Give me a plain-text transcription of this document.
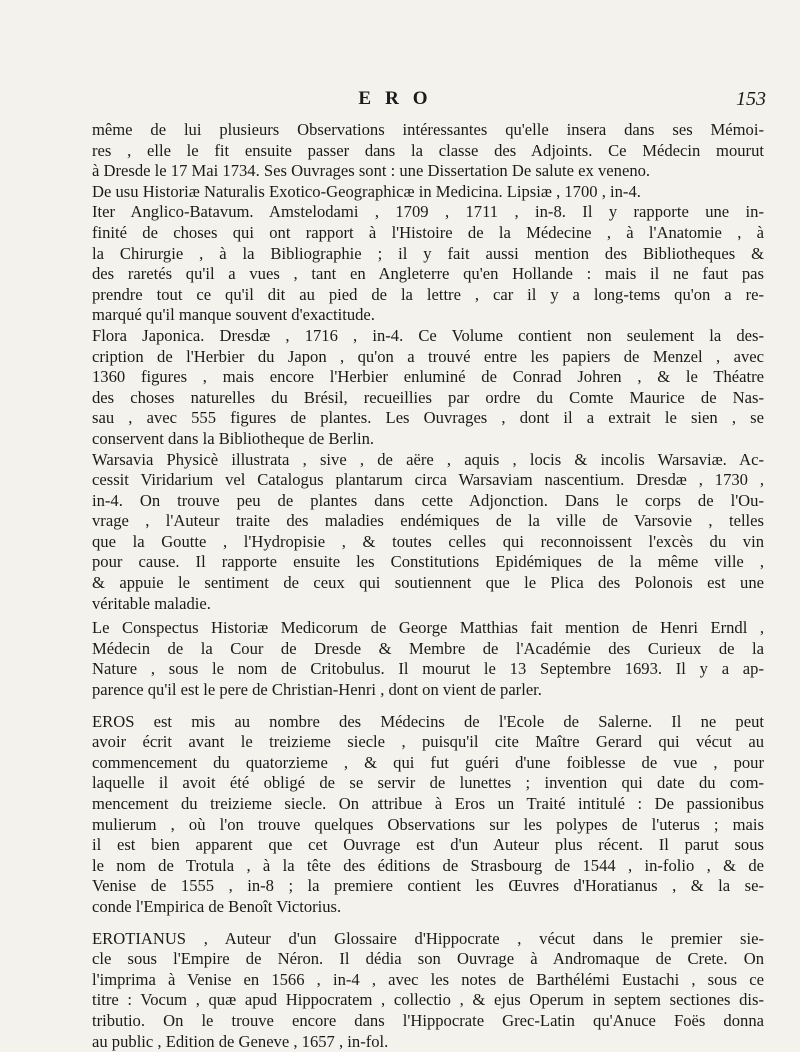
ERO	153
même de lui plusieurs Observations intéressantes qu'elle insera dans ses Mémoi-
res , elle le fit ensuite passer dans la classe des Adjoints. Ce Médecin mourut
à Dresde le 17 Mai 1734. Ses Ouvrages sont : une Dissertation De salute ex veneno.
De usu Historiæ Naturalis Exotico-Geographicæ in Medicina. Lipsiæ , 1700 , in-4.
Iter Anglico-Batavum. Amstelodami , 1709 , 1711 , in-8. Il y rapporte une in-
finité de choses qui ont rapport à l'Histoire de la Médecine , à l'Anatomie , à
la Chirurgie , à la Bibliographie ; il y fait aussi mention des Bibliotheques &
des raretés qu'il a vues , tant en Angleterre qu'en Hollande : mais il ne faut pas
prendre tout ce qu'il dit au pied de la lettre , car il y a long-tems qu'on a re-
marqué qu'il manque souvent d'exactitude.
Flora Japonica. Dresdæ , 1716 , in-4. Ce Volume contient non seulement la des-
cription de l'Herbier du Japon , qu'on a trouvé entre les papiers de Menzel , avec
1360 figures , mais encore l'Herbier enluminé de Conrad Johren , & le Théatre
des choses naturelles du Brésil, recueillies par ordre du Comte Maurice de Nas-
sau , avec 555 figures de plantes. Les Ouvrages , dont il a extrait le sien , se
conservent dans la Bibliotheque de Berlin.
Warsavia Physicè illustrata , sive , de aëre , aquis , locis & incolis Warsaviæ. Ac-
cessit Viridarium vel Catalogus plantarum circa Warsaviam nascentium. Dresdæ , 1730 ,
in-4. On trouve peu de plantes dans cette Adjonction. Dans le corps de l'Ou-
vrage , l'Auteur traite des maladies endémiques de la ville de Varsovie , telles
que la Goutte , l'Hydropisie , & toutes celles qui reconnoissent l'excès du vin
pour cause. Il rapporte ensuite les Constitutions Epidémiques de la même ville ,
& appuie le sentiment de ceux qui soutiennent que le Plica des Polonois est une
véritable maladie.
Le Conspectus Historiæ Medicorum de George Matthias fait mention de Henri Erndl ,
Médecin de la Cour de Dresde & Membre de l'Académie des Curieux de la
Nature , sous le nom de Critobulus. Il mourut le 13 Septembre 1693. Il y a ap-
parence qu'il est le pere de Christian-Henri , dont on vient de parler.
EROS est mis au nombre des Médecins de l'Ecole de Salerne. Il ne peut
avoir écrit avant le treizieme siecle , puisqu'il cite Maître Gerard qui vécut au
commencement du quatorzieme , & qui fut guéri d'une foiblesse de vue , pour
laquelle il avoit été obligé de se servir de lunettes ; invention qui date du com-
mencement du treizieme siecle. On attribue à Eros un Traité intitulé : De passionibus
mulierum , où l'on trouve quelques Observations sur les polypes de l'uterus ; mais
il est bien apparent que cet Ouvrage est d'un Auteur plus récent. Il parut sous
le nom de Trotula , à la tête des éditions de Strasbourg de 1544 , in-folio , & de
Venise de 1555 , in-8 ; la premiere contient les Œuvres d'Horatianus , & la se-
conde l'Empirica de Benoît Victorius.
EROTIANUS , Auteur d'un Glossaire d'Hippocrate , vécut dans le premier sie-
cle sous l'Empire de Néron. Il dédia son Ouvrage à Andromaque de Crete. On
l'imprima à Venise en 1566 , in-4 , avec les notes de Barthélémi Eustachi , sous ce
titre : Vocum , quæ apud Hippocratem , collectio , & ejus Operum in septem sectiones dis-
tributio. On le trouve encore dans l'Hippocrate Grec-Latin qu'Anuce Foës donna
au public , Edition de Geneve , 1657 , in-fol.
